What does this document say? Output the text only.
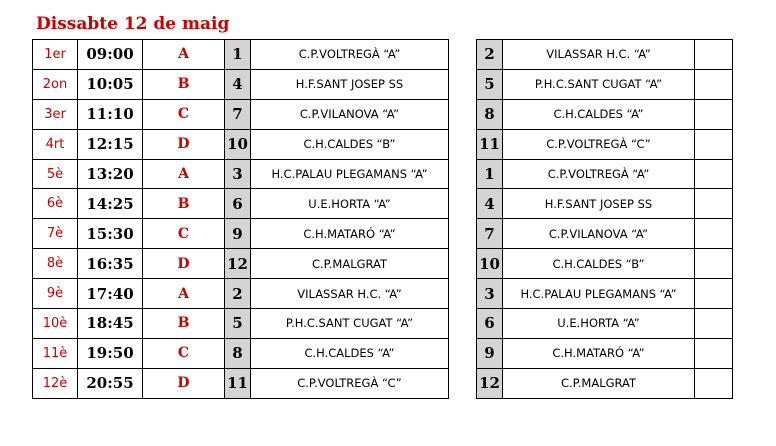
Dissabte 12 de maig
1er	09:00	A	1	C.P.VOLTREGÀ “A”		2	VILASSAR H.C. “A”	
2on	10:05	B	4	H.F.SANT JOSEP SS		5	P.H.C.SANT CUGAT “A”	
3er	11:10	C	7	C.P.VILANOVA “A”		8	C.H.CALDES “A”	
4rt	12:15	D	10	C.H.CALDES “B”		11	C.P.VOLTREGÀ “C”	
5è	13:20	A	3	H.C.PALAU PLEGAMANS “A”		1	C.P.VOLTREGÀ “A”	
6è	14:25	B	6	U.E.HORTA “A”		4	H.F.SANT JOSEP SS	
7è	15:30	C	9	C.H.MATARÓ “A”		7	C.P.VILANOVA “A”	
8è	16:35	D	12	C.P.MALGRAT		10	C.H.CALDES “B”	
9è	17:40	A	2	VILASSAR H.C. “A”		3	H.C.PALAU PLEGAMANS “A”	
10è	18:45	B	5	P.H.C.SANT CUGAT “A”		6	U.E.HORTA “A”	
11è	19:50	C	8	C.H.CALDES “A”		9	C.H.MATARÓ “A”	
12è	20:55	D	11	C.P.VOLTREGÀ “C”		12	C.P.MALGRAT	
